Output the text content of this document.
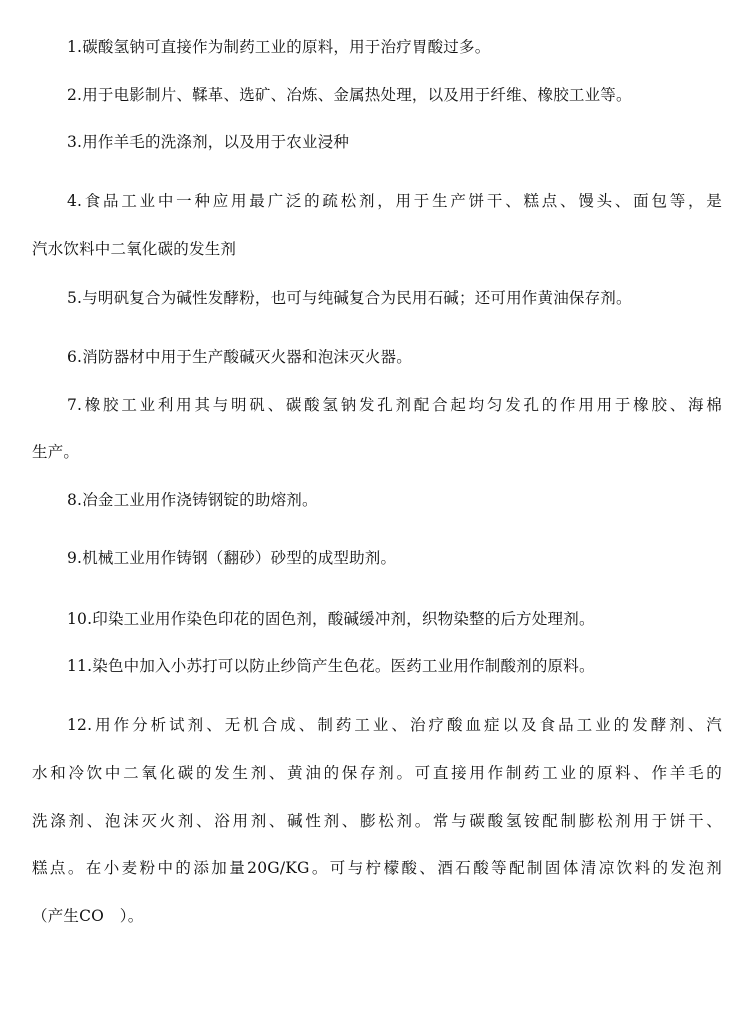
1.碳酸氢钠可直接作为制药工业的原料，用于治疗胃酸过多。
2.用于电影制片、鞣革、选矿、冶炼、金属热处理，以及用于纤维、橡胶工业等。
3.用作羊毛的洗涤剂，以及用于农业浸种
4.食品工业中一种应用最广泛的疏松剂，用于生产饼干、糕点、馒头、面包等，是
汽水饮料中二氧化碳的发生剂
5.与明矾复合为碱性发酵粉，也可与纯碱复合为民用石碱；还可用作黄油保存剂。
6.消防器材中用于生产酸碱灭火器和泡沫灭火器。
7.橡胶工业利用其与明矾、碳酸氢钠发孔剂配合起均匀发孔的作用用于橡胶、海棉
生产。
8.冶金工业用作浇铸钢锭的助熔剂。
9.机械工业用作铸钢（翻砂）砂型的成型助剂。
10.印染工业用作染色印花的固色剂，酸碱缓冲剂，织物染整的后方处理剂。
11.染色中加入小苏打可以防止纱筒产生色花。医药工业用作制酸剂的原料。
12.用作分析试剂、无机合成、制药工业、治疗酸血症以及食品工业的发酵剂、汽
水和冷饮中二氧化碳的发生剂、黄油的保存剂。可直接用作制药工业的原料、作羊毛的
洗涤剂、泡沫灭火剂、浴用剂、碱性剂、膨松剂。常与碳酸氢铵配制膨松剂用于饼干、
糕点。在小麦粉中的添加量20G/KG。可与柠檬酸、酒石酸等配制固体清凉饮料的发泡剂
（产生CO　）。
